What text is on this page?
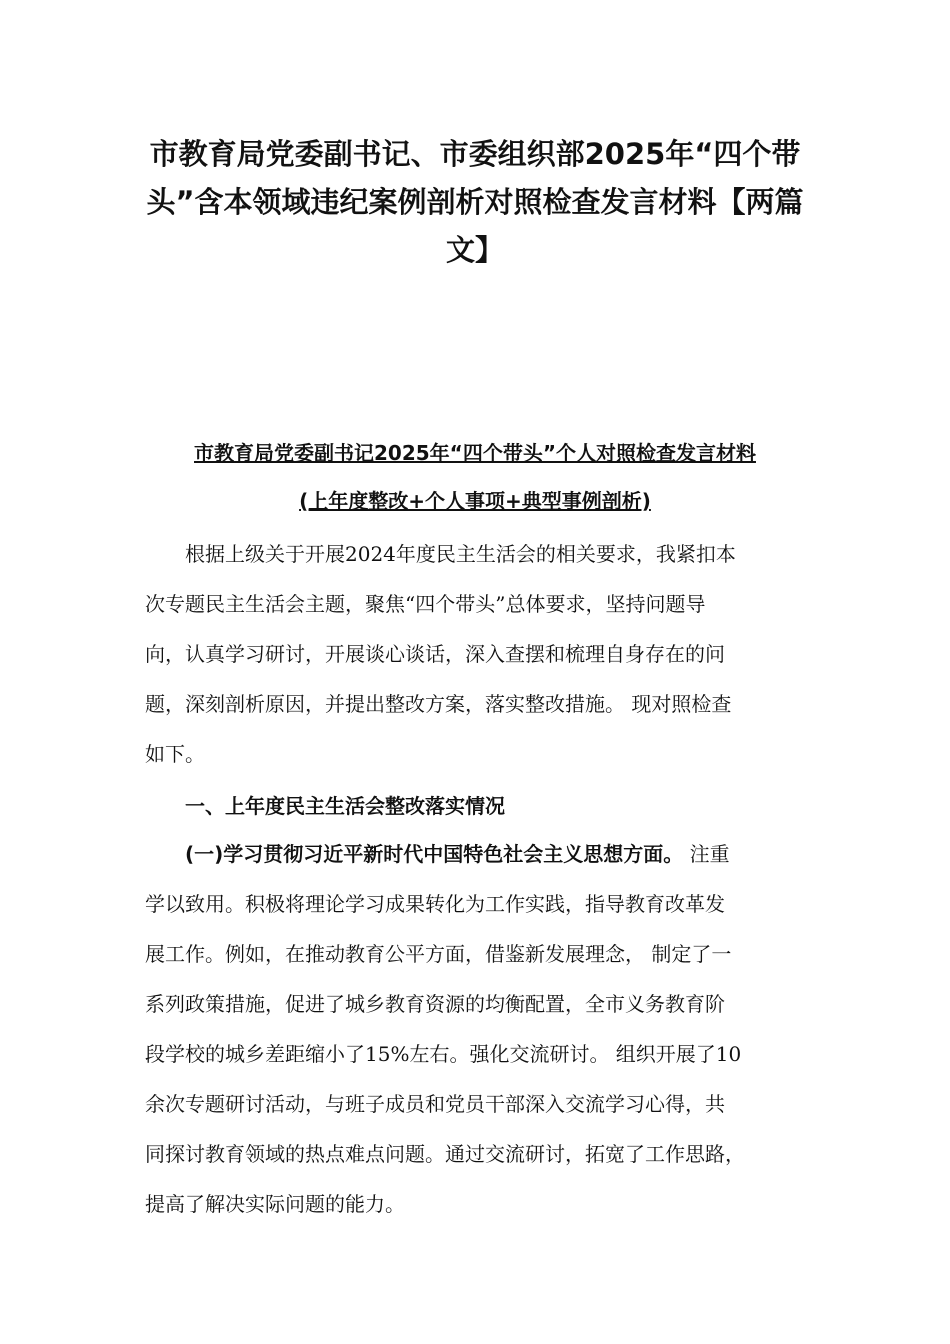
市教育局党委副书记、市委组织部2025年“四个带
头”含本领域违纪案例剖析对照检查发言材料【两篇
文】
市教育局党委副书记2025年“四个带头”个人对照检查发言材料
(上年度整改+个人事项+典型事例剖析)
根据上级关于开展2024年度民主生活会的相关要求，我紧扣本
次专题民主生活会主题，聚焦“四个带头”总体要求，坚持问题导
向，认真学习研讨，开展谈心谈话，深入查摆和梳理自身存在的问
题，深刻剖析原因，并提出整改方案，落实整改措施。 现对照检查
如下。
一、上年度民主生活会整改落实情况
(一)学习贯彻习近平新时代中国特色社会主义思想方面。 注重
学以致用。积极将理论学习成果转化为工作实践，指导教育改革发
展工作。例如，在推动教育公平方面，借鉴新发展理念， 制定了一
系列政策措施，促进了城乡教育资源的均衡配置，全市义务教育阶
段学校的城乡差距缩小了15%左右。强化交流研讨。 组织开展了10
余次专题研讨活动，与班子成员和党员干部深入交流学习心得，共
同探讨教育领域的热点难点问题。通过交流研讨，拓宽了工作思路，
提高了解决实际问题的能力。
